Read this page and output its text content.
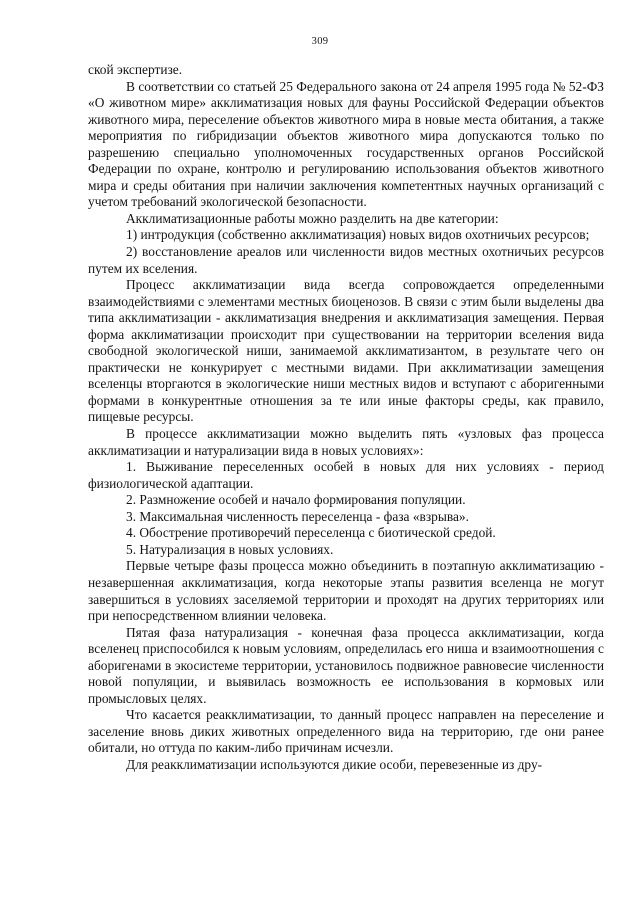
309

ской экспертизе.

В соответствии со статьей 25 Федерального закона от 24 апреля 1995 года № 52-ФЗ «О животном мире» акклиматизация новых для фауны Российской Федерации объектов животного мира, переселение объектов животного мира в новые места обитания, а также мероприятия по гибридизации объектов животного мира допускаются только по разрешению специально уполномоченных государственных органов Российской Федерации по охране, контролю и регулированию использования объектов животного мира и среды обитания при наличии заключения компетентных научных организаций с учетом требований экологической безопасности.

Акклиматизационные работы можно разделить на две категории:

1) интродукция (собственно акклиматизация) новых видов охотничьих ресурсов;

2) восстановление ареалов или численности видов местных охотничьих ресурсов путем их вселения.

Процесс акклиматизации вида всегда сопровождается определенными взаимодействиями с элементами местных биоценозов. В связи с этим были выделены два типа акклиматизации - акклиматизация внедрения и акклиматизация замещения. Первая форма акклиматизации происходит при существовании на территории вселения вида свободной экологической ниши, занимаемой акклиматизантом, в результате чего он практически не конкурирует с местными видами. При акклиматизации замещения вселенцы вторгаются в экологические ниши местных видов и вступают с аборигенными формами в конкурентные отношения за те или иные факторы среды, как правило, пищевые ресурсы.

В процессе акклиматизации можно выделить пять «узловых фаз процесса акклиматизации и натурализации вида в новых условиях»:

1. Выживание переселенных особей в новых для них условиях - период физиологической адаптации.

2. Размножение особей и начало формирования популяции.

3. Максимальная численность переселенца - фаза «взрыва».

4. Обострение противоречий переселенца с биотической средой.

5. Натурализация в новых условиях.

Первые четыре фазы процесса можно объединить в поэтапную акклиматизацию - незавершенная акклиматизация, когда некоторые этапы развития вселенца не могут завершиться в условиях заселяемой территории и проходят на других территориях или при непосредственном влиянии человека.

Пятая фаза натурализация - конечная фаза процесса акклиматизации, когда вселенец приспособился к новым условиям, определилась его ниша и взаимоотношения с аборигенами в экосистеме территории, установилось подвижное равновесие численности новой популяции, и выявилась возможность ее использования в кормовых или промысловых целях.

Что касается реакклиматизации, то данный процесс направлен на переселение и заселение вновь диких животных определенного вида на территорию, где они ранее обитали, но оттуда по каким-либо причинам исчезли.

Для реакклиматизации используются дикие особи, перевезенные из дру-
